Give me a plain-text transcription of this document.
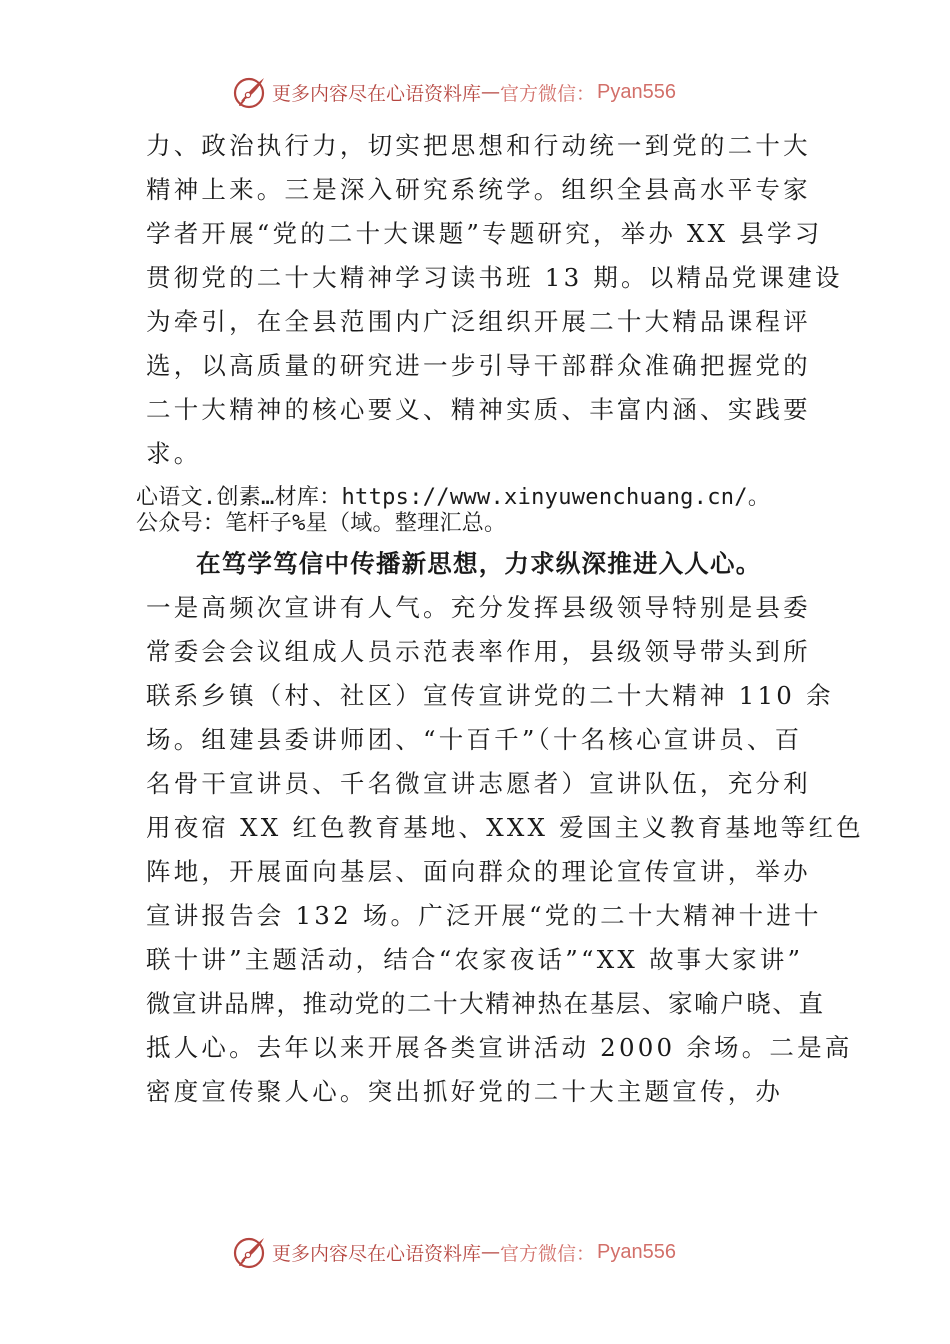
更多内容尽在心语资料库 — 官方微信： Pyan556
力、政治执行力，切实把思想和行动统一到党的二十大
精神上来。三是深入研究系统学。组织全县高水平专家
学者开展“党的二十大课题”专题研究，举办 XX 县学习
贯彻党的二十大精神学习读书班 13 期。以精品党课建设
为牵引，在全县范围内广泛组织开展二十大精品课程评
选，以高质量的研究进一步引导干部群众准确把握党的
二十大精神的核心要义、精神实质、丰富内涵、实践要
求。
心语文.创素…材库：https://www.xinyuwenchuang.cn/。
公众号：笔杆子%星（域。整理汇总。
在笃学笃信中传播新思想，力求纵深推进入人心。
一是高频次宣讲有人气。充分发挥县级领导特别是县委
常委会会议组成人员示范表率作用，县级领导带头到所
联系乡镇（村、社区）宣传宣讲党的二十大精神 110 余
场。组建县委讲师团、“十百千”（十名核心宣讲员、百
名骨干宣讲员、千名微宣讲志愿者）宣讲队伍，充分利
用夜宿 XX 红色教育基地、XXX 爱国主义教育基地等红色
阵地，开展面向基层、面向群众的理论宣传宣讲，举办
宣讲报告会 132 场。广泛开展“党的二十大精神十进十
联十讲”主题活动，结合“农家夜话”“XX 故事大家讲”
微宣讲品牌，推动党的二十大精神热在基层、家喻户晓、直
抵人心。去年以来开展各类宣讲活动 2000 余场。二是高
密度宣传聚人心。突出抓好党的二十大主题宣传，办
更多内容尽在心语资料库 — 官方微信： Pyan556
